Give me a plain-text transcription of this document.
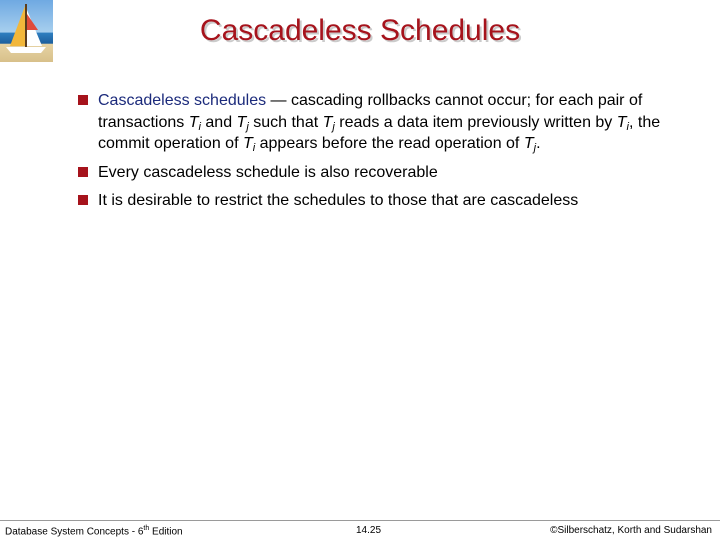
Cascadeless Schedules
Cascadeless schedules — cascading rollbacks cannot occur; for each pair of transactions $T_i$ and $T_j$ such that $T_j$ reads a data item previously written by $T_i$, the commit operation of $T_i$ appears before the read operation of $T_j$.
Every cascadeless schedule is also recoverable
It is desirable to restrict the schedules to those that are cascadeless
Database System Concepts - 6th Edition	14.25	©Silberschatz, Korth and Sudarshan
